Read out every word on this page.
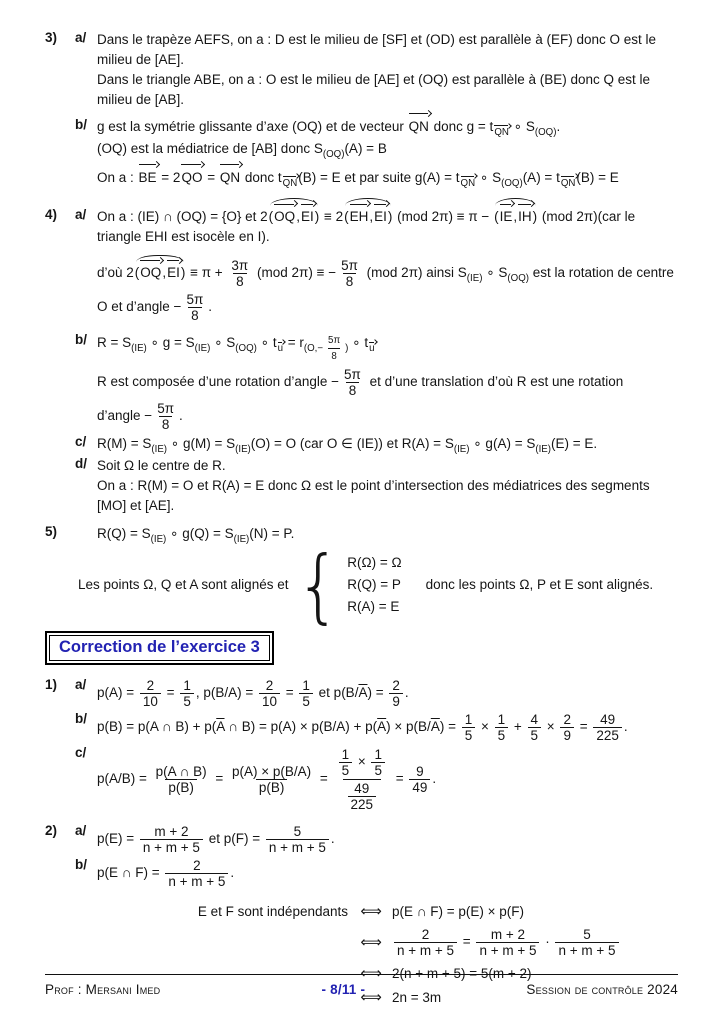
3)	a/ Dans le trapèze AEFS, on a : D est le milieu de [SF] et (OD) est parallèle à (EF) donc O est le
milieu de [AE].
Dans le triangle ABE, on a : O est le milieu de [AE] et (OQ) est parallèle à (BE) donc Q est le
milieu de [AB].
b/ g est la symétrie glissante d’axe (OQ) et de vecteur QN donc $g = t_{QN}$ ∘ $S_{(OQ)}$.
(OQ) est la médiatrice de [AB] donc $S_{(OQ)}(A) = B$
On a : BE = 2QO = QN donc $t_{QN}(B) = E$ et par suite $g(A) = t_{QN}$ ∘ $S_{(OQ)}(A) = t_{QN}(B) = E$
4)	a/ On a : (IE) ∩ (OQ) = {O} et 2(OQ,EI) ≡ 2(EH,EI) (mod 2π) ≡ π − (IE,IH) (mod 2π)(car le
triangle EHI est isocèle en I).
d’où $2(OQ,EI) \equiv \pi + \frac{3\pi}{8} (mod$ 2π) ≡ − $\frac{5\pi}{8} (mod$ 2π) ainsi $S_{(IE)}$ ∘ $S_{(OQ)}$ est la rotation de centre
O et d’angle − $\frac{5\pi}{8}$ .
b/ $R = S_{(IE)}$ ∘ $g = S_{(IE)}$ ∘ $S_{(OQ)}$ ∘ $t_u = r_{(O,- \frac{5\pi}{8} )}$ ∘ $t_u$
R est composée d’une rotation d’angle − $\frac{5\pi}{8}$ et d’une translation d’où R est une rotation
d’angle − $\frac{5\pi}{8}$ .
c/ $R(M) = S_{(IE)}$ ∘ $g(M) = S_{(IE)}(O) = O$ (car O ∈ (IE)) et $R(A) = S_{(IE)}$ ∘ $g(A) = S_{(IE)}(E) = E$.
d/ Soit Ω le centre de R.
On a : R(M) = O et R(A) = E donc Ω est le point d’intersection des médiatrices des segments
[MO] et [AE].
5)	$R(Q) = S_{(IE)}$ ∘ $g(Q) = S_{(IE)}(N) = P$.
Les points Ω, Q et A sont alignés et { R(Ω) = Ω
R(Q) = P
R(A) = E
donc les points Ω, P et E sont alignés.
Correction de l’exercice 3
1)	a/
$p(A) = \frac{2}{10} = \frac{1}{5}$ , $p(B/A) = \frac{2}{10} = \frac{1}{5}$ et $p(B/\overline{A}) = \frac{2}{9}$ .
b/
p(B) = p(A ∩ $B) + p(\overline{A}$ ∩ $B) = p(A) \times p(B/A) + p(\overline{A}) \times p(B/\overline{A}) = \frac{1}{5} \times \frac{1}{5} + \frac{4}{5} \times \frac{2}{9} = \frac{49}{225}$ .
c/
$p(A/B) = \frac{p(A \cap B)}{p(B)} = \frac{p(A) \times p(B/A)}{p(B)} = \frac{\frac{1}{5} \times \frac{1}{5}}{\frac{49}{225}} = \frac{9}{49}$ .
2)	a/
$p(E) = \frac{m + 2}{n + m + 5}$ et $p(F) = \frac{5}{n + m + 5}$ .
b/
p(E ∩ $F) = \frac{2}{n + m + 5}$ .
E et F sont indépendants ⟺ p(E ∩ F) = p(E) × p(F)
⟺ $\frac{2}{n + m + 5} = \frac{m + 2}{n + m + 5} \cdot \frac{5}{n + m + 5}$
⟺ 2(n + m + 5) = 5(m + 2)
⟺ 2n = 3m
Prof : Mersani Imed	- 8/11 -	Session de contrôle 2024
